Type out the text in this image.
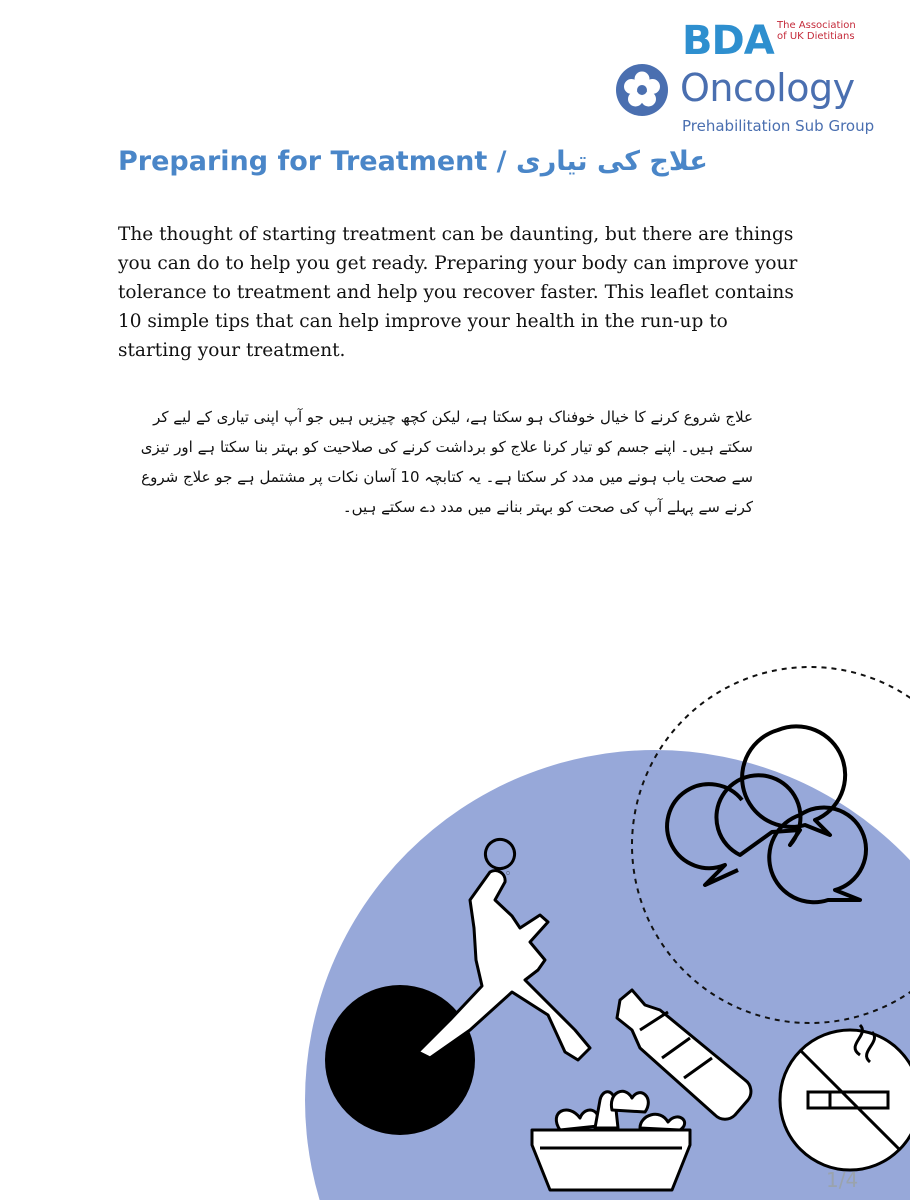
BDA The Association
of UK Dietitians
Oncology
Prehabilitation Sub Group
Preparing for Treatment / علاج کی تیاری
The thought of starting treatment can be daunting, but there are things you can do to help you get ready. Preparing your body can improve your tolerance to treatment and help you recover faster. This leaflet contains 10 simple tips that can help improve your health in the run-up to starting your treatment.
علاج شروع کرنے کا خیال خوفناک ہو سکتا ہے، لیکن کچھ چیزیں ہیں جو آپ اپنی تیاری کے لیے کر سکتے ہیں۔ اپنے جسم کو تیار کرنا علاج کو برداشت کرنے کی صلاحیت کو بہتر بنا سکتا ہے اور تیزی سے صحت یاب ہونے میں مدد کر سکتا ہے۔ یہ کتابچہ 10 آسان نکات پر مشتمل ہے جو علاج شروع کرنے سے پہلے آپ کی صحت کو بہتر بنانے میں مدد دے سکتے ہیں۔
1/4
